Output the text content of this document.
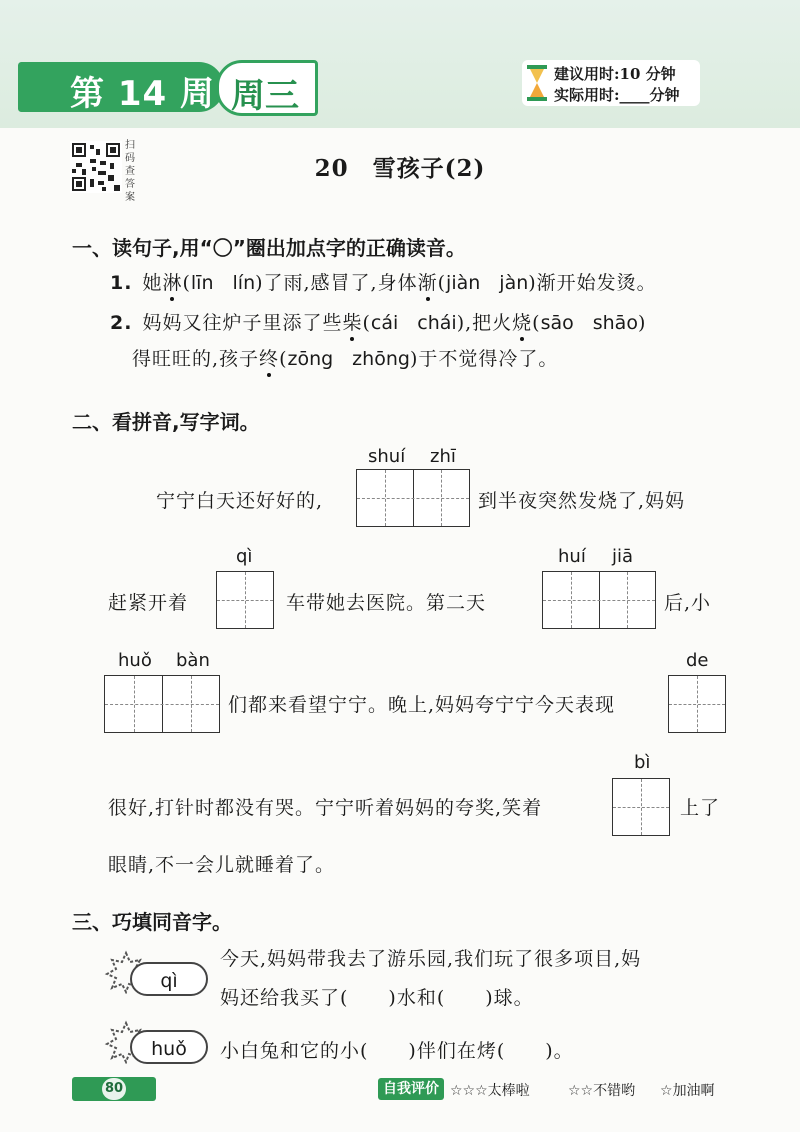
第 14 周 周三
建议用时:10 分钟
实际用时:____分钟
扫码查答案
20　雪孩子(2)
一、读句子,用“〇”圈出加点字的正确读音。
1. 她淋(līn　lín)了雨,感冒了,身体渐(jiàn　jàn)渐开始发烫。
2. 妈妈又往炉子里添了些柴(cái　chái),把火烧(sāo　shāo)
得旺旺的,孩子终(zōng　zhōng)于不觉得冷了。
二、看拼音,写字词。
shuí zhī
宁宁白天还好好的,	到半夜突然发烧了,妈妈
qì	huí jiā
赶紧开着	车带她去医院。第二天	后,小
huǒ bàn	de
们都来看望宁宁。晚上,妈妈夸宁宁今天表现
bì
很好,打针时都没有哭。宁宁听着妈妈的夸奖,笑着	上了
眼睛,不一会儿就睡着了。
三、巧填同音字。
qì
今天,妈妈带我去了游乐园,我们玩了很多项目,妈
妈还给我买了(　　)水和(　　)球。
huǒ	小白兔和它的小(　　)伴们在烤(　　)。
80	自我评价 ☆☆☆太棒啦	☆☆不错哟 ☆加油啊
